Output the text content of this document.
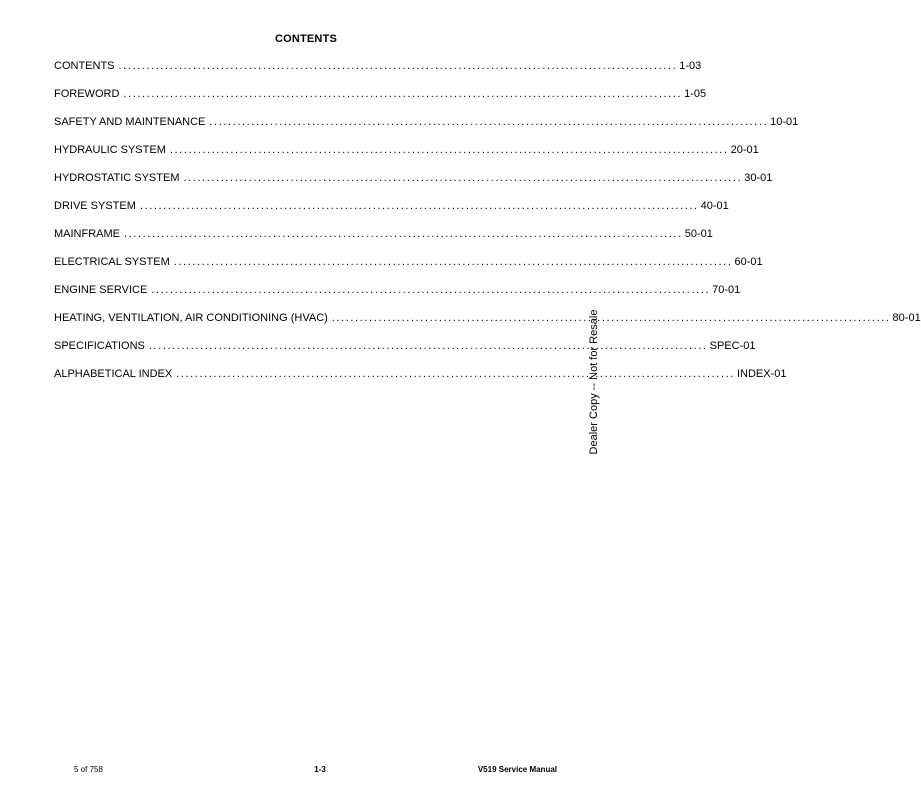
CONTENTS
CONTENTS ........................................................................................................................ 1-03
FOREWORD ........................................................................................................................ 1-05
SAFETY AND MAINTENANCE ........................................................................................................................ 10-01
HYDRAULIC SYSTEM ........................................................................................................................ 20-01
HYDROSTATIC SYSTEM ........................................................................................................................ 30-01
DRIVE SYSTEM ........................................................................................................................ 40-01
MAINFRAME ........................................................................................................................ 50-01
ELECTRICAL SYSTEM ........................................................................................................................ 60-01
ENGINE SERVICE ........................................................................................................................ 70-01
HEATING, VENTILATION, AIR CONDITIONING (HVAC) ........................................................................................................................ 80-01
SPECIFICATIONS ........................................................................................................................ SPEC-01
ALPHABETICAL INDEX ........................................................................................................................ INDEX-01
Dealer Copy -- Not for Resale
5 of 758	1-3	V519 Service Manual
